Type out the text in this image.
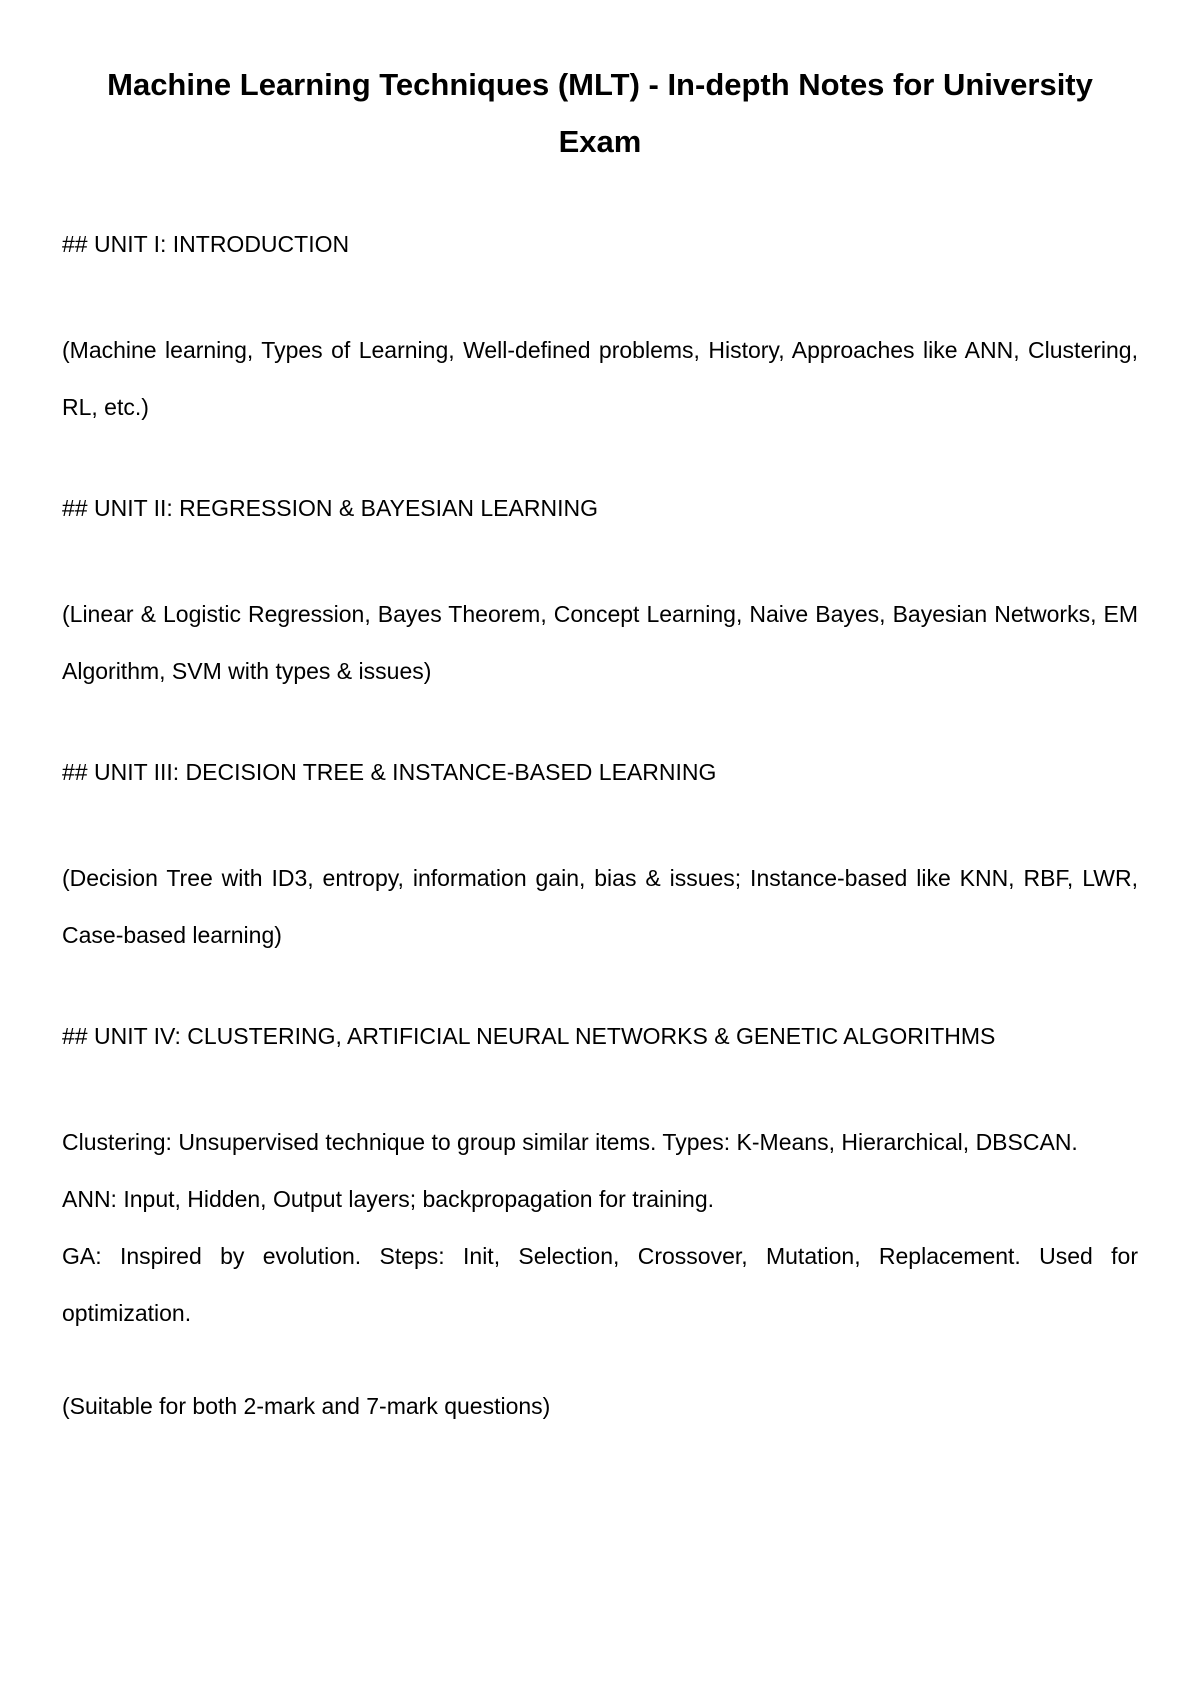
Machine Learning Techniques (MLT) - In-depth Notes for University Exam

## UNIT I: INTRODUCTION

(Machine learning, Types of Learning, Well-defined problems, History, Approaches like ANN, Clustering, RL, etc.)

## UNIT II: REGRESSION & BAYESIAN LEARNING

(Linear & Logistic Regression, Bayes Theorem, Concept Learning, Naive Bayes, Bayesian Networks, EM Algorithm, SVM with types & issues)

## UNIT III: DECISION TREE & INSTANCE-BASED LEARNING

(Decision Tree with ID3, entropy, information gain, bias & issues; Instance-based like KNN, RBF, LWR, Case-based learning)

## UNIT IV: CLUSTERING, ARTIFICIAL NEURAL NETWORKS & GENETIC ALGORITHMS

Clustering: Unsupervised technique to group similar items. Types: K-Means, Hierarchical, DBSCAN.
ANN: Input, Hidden, Output layers; backpropagation for training.
GA: Inspired by evolution. Steps: Init, Selection, Crossover, Mutation, Replacement. Used for optimization.

(Suitable for both 2-mark and 7-mark questions)
